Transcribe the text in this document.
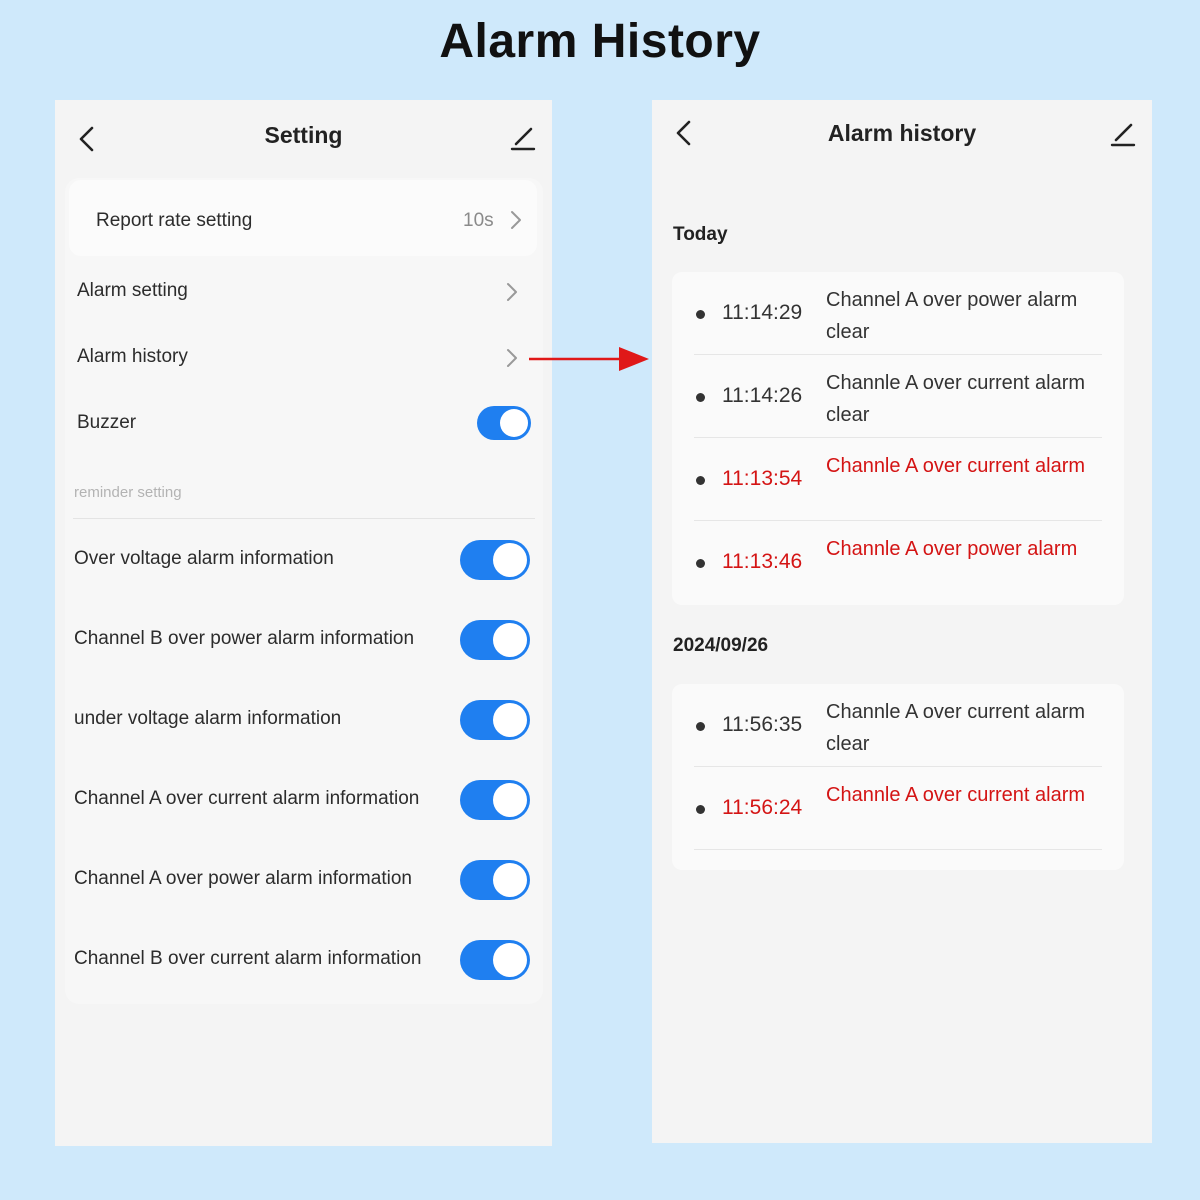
Alarm History
Setting
Report rate setting	10s
Alarm setting
Alarm history
Buzzer
reminder setting
Over voltage alarm information
Channel B over power alarm information
under voltage alarm information
Channel A over current alarm information
Channel A over power alarm information
Channel B over current alarm information
Alarm history
Today
11:14:29
Channel A over power alarm clear
11:14:26
Channle A over current alarm clear
11:13:54
Channle A over current alarm
11:13:46
Channle A over power alarm
2024/09/26
11:56:35
Channle A over current alarm clear
11:56:24
Channle A over current alarm
